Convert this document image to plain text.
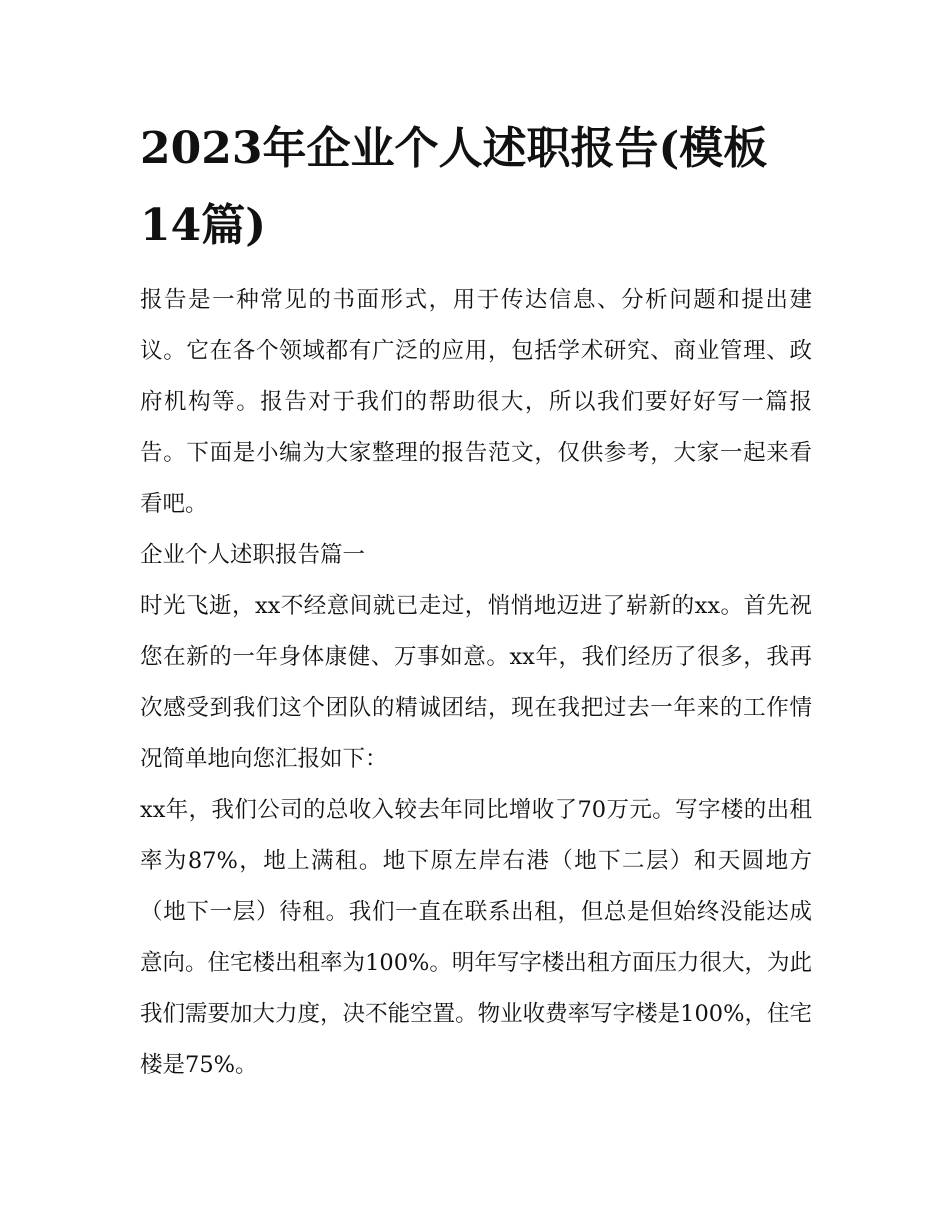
2023年企业个人述职报告(模板14篇)

报告是一种常见的书面形式，用于传达信息、分析问题和提出建议。它在各个领域都有广泛的应用，包括学术研究、商业管理、政府机构等。报告对于我们的帮助很大，所以我们要好好写一篇报告。下面是小编为大家整理的报告范文，仅供参考，大家一起来看看吧。

企业个人述职报告篇一

时光飞逝，xx不经意间就已走过，悄悄地迈进了崭新的xx。首先祝您在新的一年身体康健、万事如意。xx年，我们经历了很多，我再次感受到我们这个团队的精诚团结，现在我把过去一年来的工作情况简单地向您汇报如下：

xx年，我们公司的总收入较去年同比增收了70万元。写字楼的出租率为87%，地上满租。地下原左岸右港（地下二层）和天圆地方（地下一层）待租。我们一直在联系出租，但总是但始终没能达成意向。住宅楼出租率为100%。明年写字楼出租方面压力很大，为此我们需要加大力度，决不能空置。物业收费率写字楼是100%，住宅楼是75%。
